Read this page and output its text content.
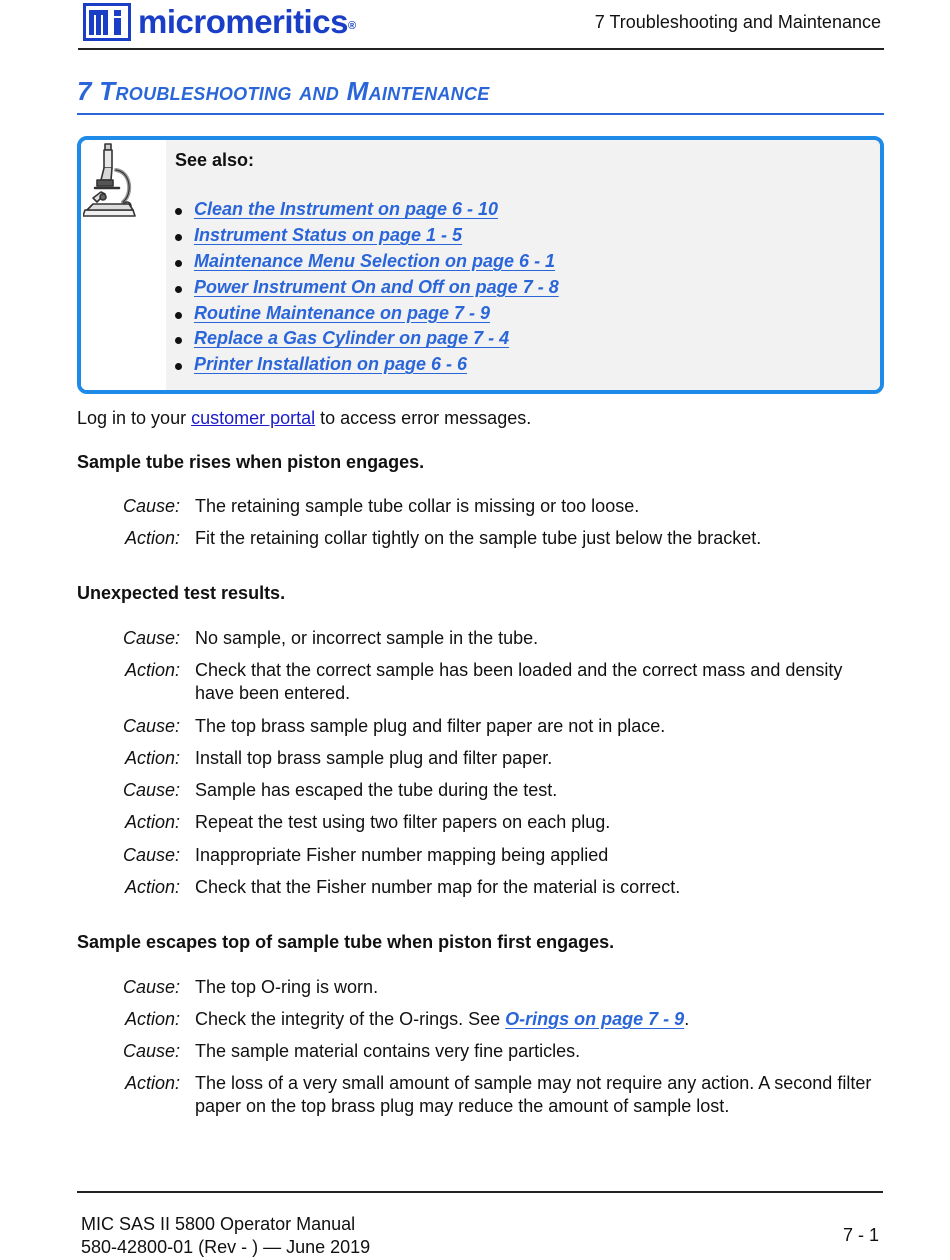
micromeritics ®	7 Troubleshooting and Maintenance
7 Troubleshooting and Maintenance
See also:
Clean the Instrument on page 6 - 10
Instrument Status on page 1 - 5
Maintenance Menu Selection on page 6 - 1
Power Instrument On and Off on page 7 - 8
Routine Maintenance on page 7 - 9
Replace a Gas Cylinder on page 7 - 4
Printer Installation on page 6 - 6
Log in to your customer portal to access error messages.
Sample tube rises when piston engages.
Cause: The retaining sample tube collar is missing or too loose.
Action: Fit the retaining collar tightly on the sample tube just below the bracket.
Unexpected test results.
Cause: No sample, or incorrect sample in the tube.
Action: Check that the correct sample has been loaded and the correct mass and density have been entered.
Cause: The top brass sample plug and filter paper are not in place.
Action: Install top brass sample plug and filter paper.
Cause: Sample has escaped the tube during the test.
Action: Repeat the test using two filter papers on each plug.
Cause: Inappropriate Fisher number mapping being applied
Action: Check that the Fisher number map for the material is correct.
Sample escapes top of sample tube when piston first engages.
Cause: The top O-ring is worn.
Action: Check the integrity of the O-rings. See O-rings on page 7 - 9.
Cause: The sample material contains very fine particles.
Action: The loss of a very small amount of sample may not require any action. A second filter paper on the top brass plug may reduce the amount of sample lost.
MIC SAS II 5800 Operator Manual
580-42800-01 (Rev - ) — June 2019
7 - 1
